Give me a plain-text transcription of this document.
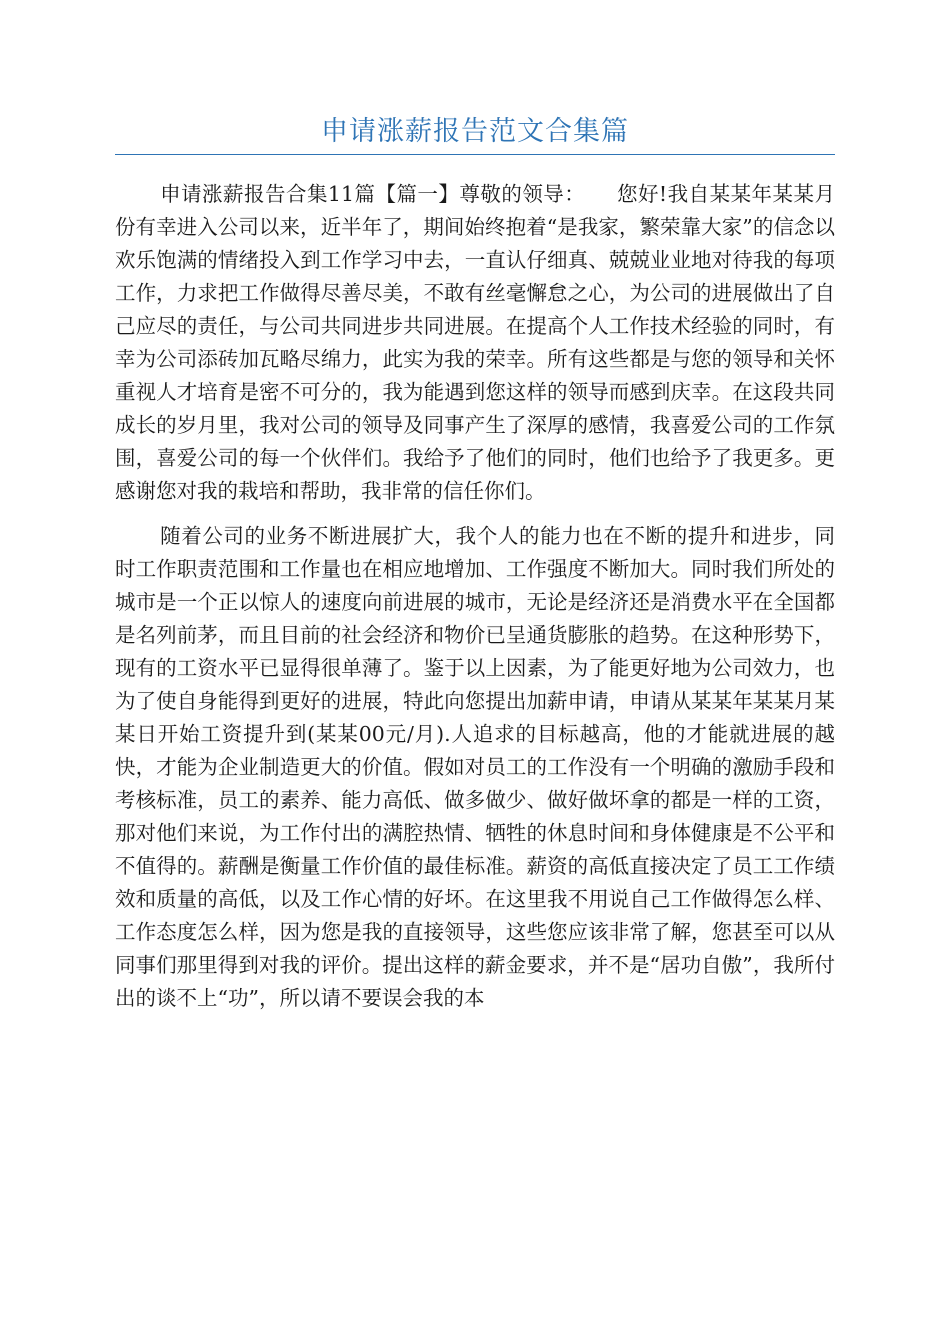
申请涨薪报告范文合集篇

申请涨薪报告合集11篇【篇一】尊敬的领导：　　您好!我自某某年某某月份有幸进入公司以来，近半年了，期间始终抱着“是我家，繁荣靠大家”的信念以欢乐饱满的情绪投入到工作学习中去，一直认仔细真、兢兢业业地对待我的每项工作，力求把工作做得尽善尽美，不敢有丝毫懈怠之心，为公司的进展做出了自己应尽的责任，与公司共同进步共同进展。在提高个人工作技术经验的同时，有幸为公司添砖加瓦略尽绵力，此实为我的荣幸。所有这些都是与您的领导和关怀重视人才培育是密不可分的，我为能遇到您这样的领导而感到庆幸。在这段共同成长的岁月里，我对公司的领导及同事产生了深厚的感情，我喜爱公司的工作氛围，喜爱公司的每一个伙伴们。我给予了他们的同时，他们也给予了我更多。更感谢您对我的栽培和帮助，我非常的信任你们。

随着公司的业务不断进展扩大，我个人的能力也在不断的提升和进步，同时工作职责范围和工作量也在相应地增加、工作强度不断加大。同时我们所处的城市是一个正以惊人的速度向前进展的城市，无论是经济还是消费水平在全国都是名列前茅，而且目前的社会经济和物价已呈通货膨胀的趋势。在这种形势下，现有的工资水平已显得很单薄了。鉴于以上因素，为了能更好地为公司效力，也为了使自身能得到更好的进展，特此向您提出加薪申请，申请从某某年某某月某某日开始工资提升到(某某00元/月).人追求的目标越高，他的才能就进展的越快，才能为企业制造更大的价值。假如对员工的工作没有一个明确的激励手段和考核标准，员工的素养、能力高低、做多做少、做好做坏拿的都是一样的工资，那对他们来说，为工作付出的满腔热情、牺牲的休息时间和身体健康是不公平和不值得的。薪酬是衡量工作价值的最佳标准。薪资的高低直接决定了员工工作绩效和质量的高低，以及工作心情的好坏。在这里我不用说自己工作做得怎么样、工作态度怎么样，因为您是我的直接领导，这些您应该非常了解，您甚至可以从同事们那里得到对我的评价。提出这样的薪金要求，并不是“居功自傲”，我所付出的谈不上“功”，所以请不要误会我的本
